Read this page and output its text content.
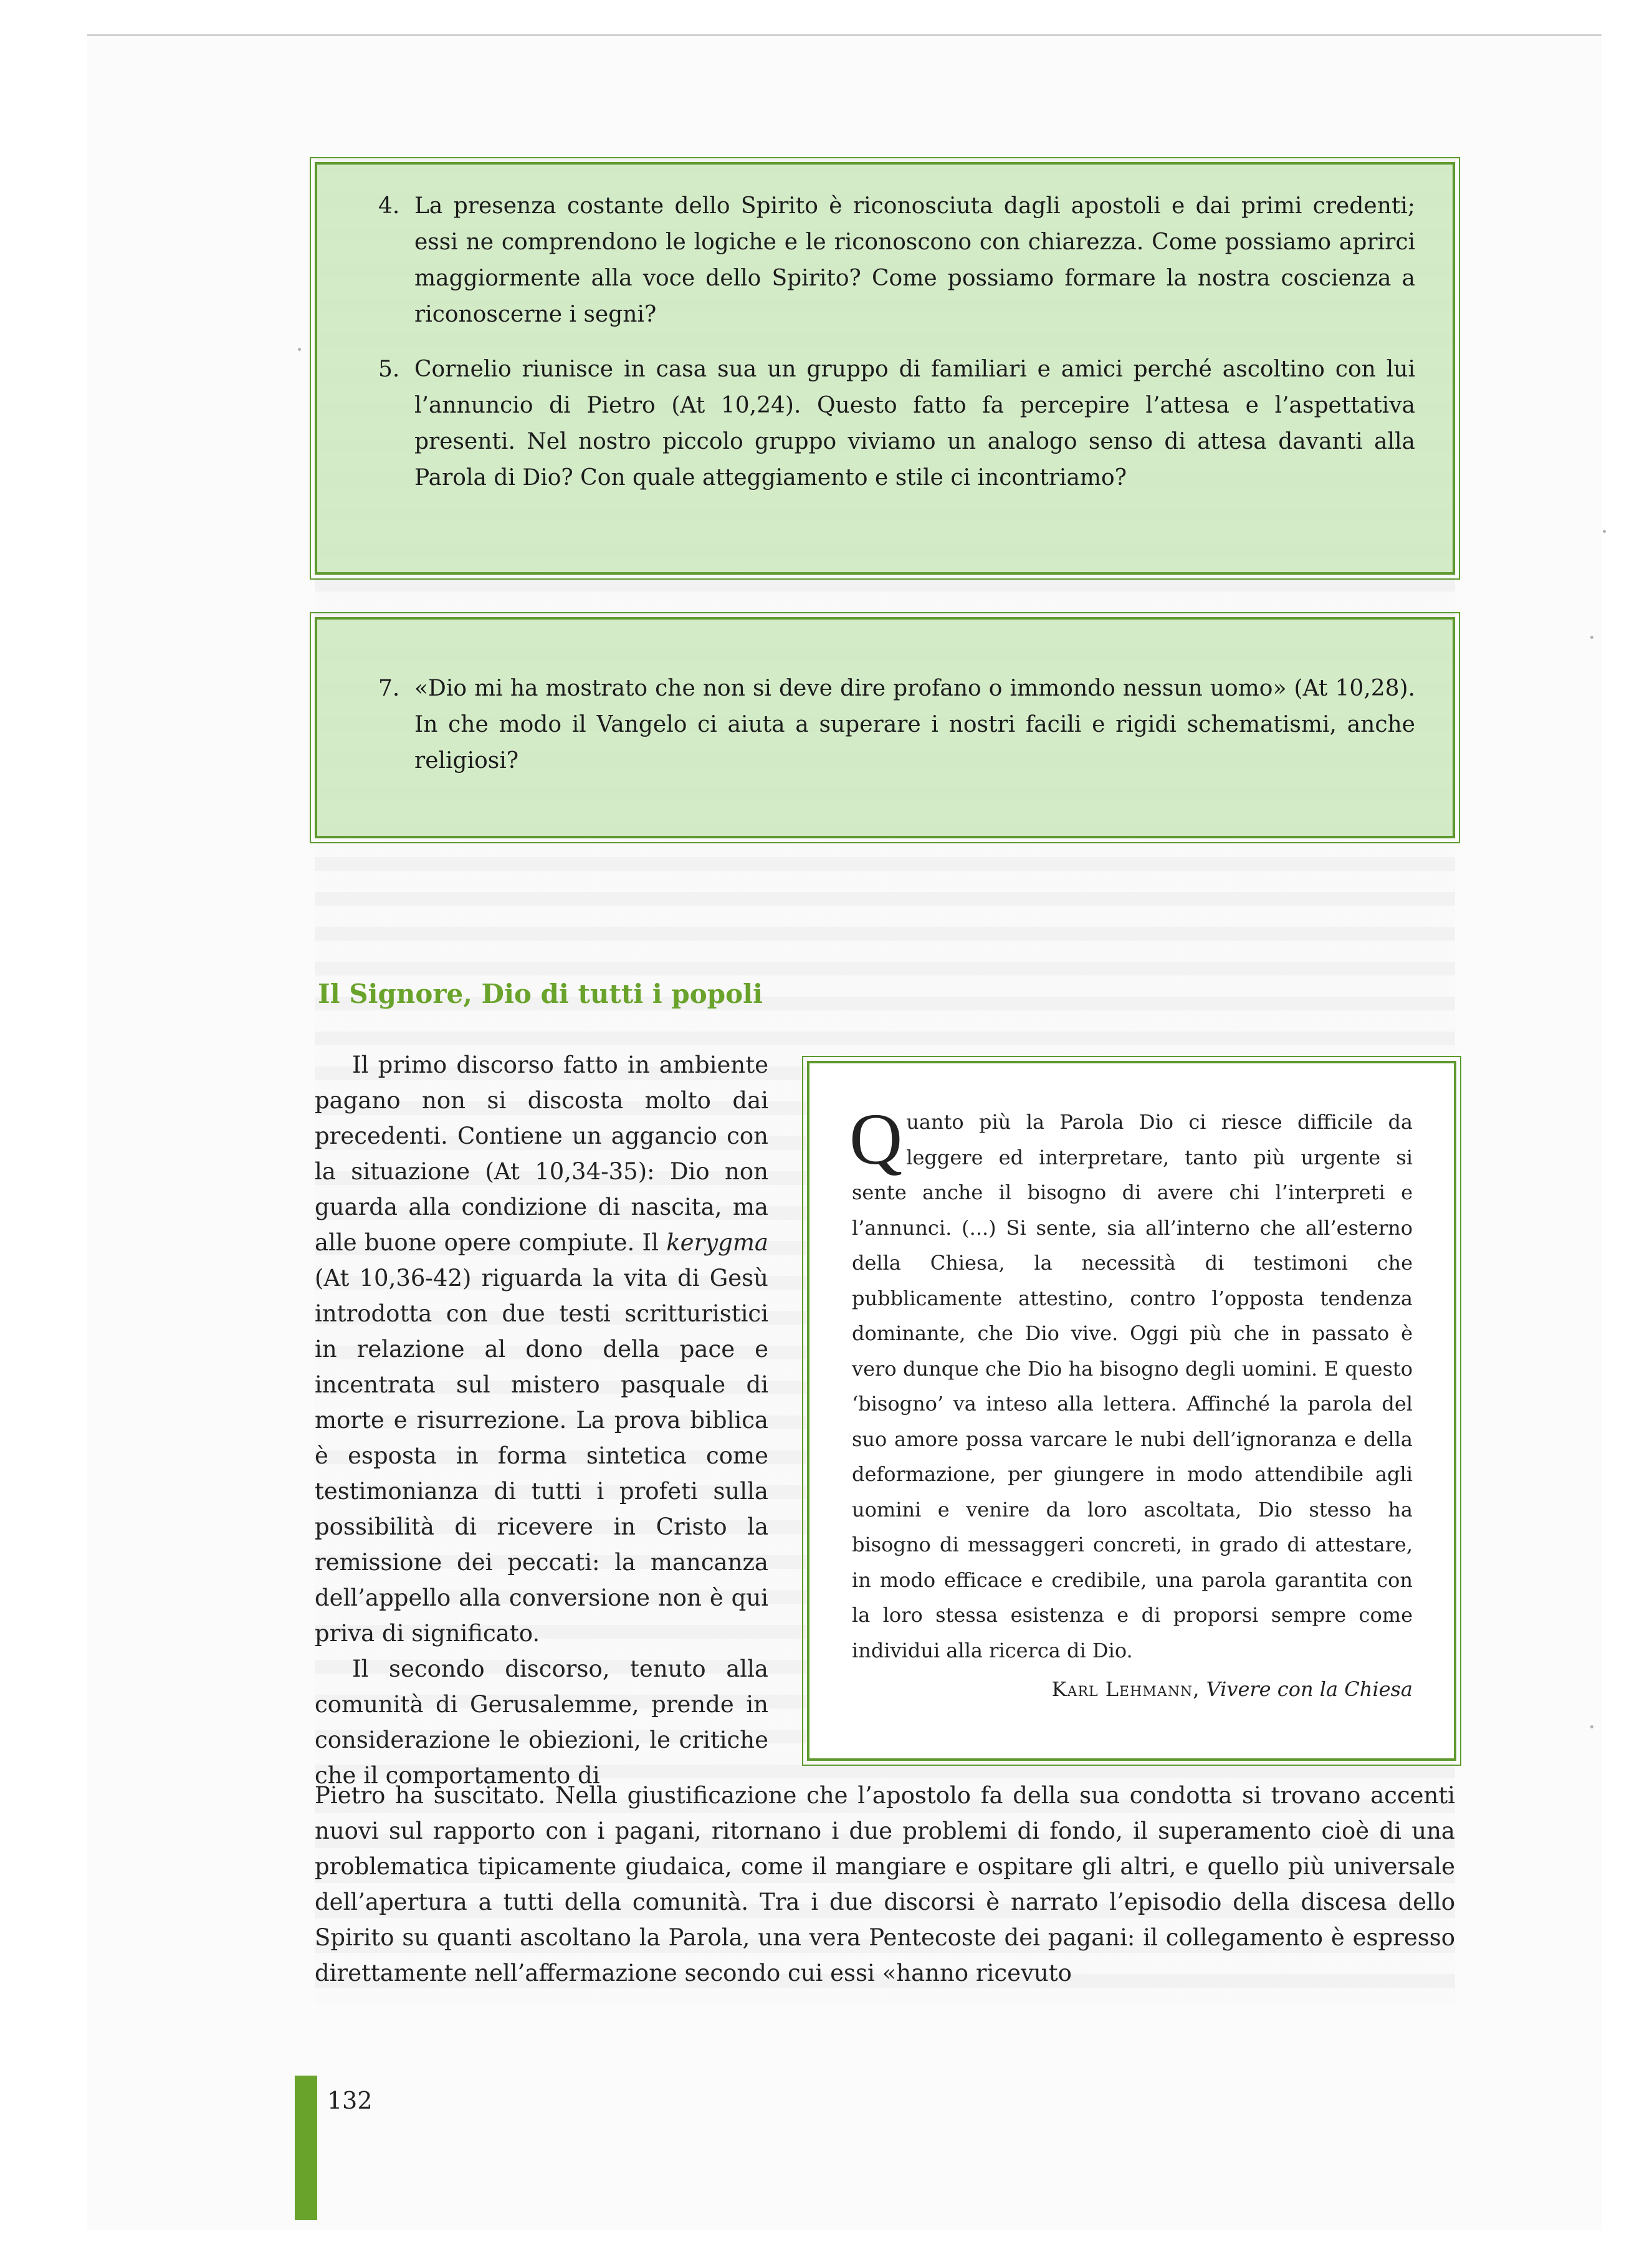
4. La presenza costante dello Spirito è riconosciuta dagli apostoli e dai primi credenti; essi ne comprendono le logiche e le riconoscono con chiarezza. Come possiamo aprirci maggiormente alla voce dello Spirito? Come possiamo formare la nostra coscienza a riconoscerne i segni?
5. Cornelio riunisce in casa sua un gruppo di familiari e amici perché ascoltino con lui l’annuncio di Pietro (At 10,24). Questo fatto fa percepire l’attesa e l’aspettativa presenti. Nel nostro piccolo gruppo viviamo un analogo senso di attesa davanti alla Parola di Dio? Con quale atteggiamento e stile ci incontriamo?
7. «Dio mi ha mostrato che non si deve dire profano o immondo nessun uomo» (At 10,28). In che modo il Vangelo ci aiuta a superare i nostri facili e rigidi schematismi, anche religiosi?
Il Signore, Dio di tutti i popoli

Il primo discorso fatto in ambiente pagano non si discosta molto dai precedenti. Contiene un aggancio con la situazione (At 10,34-35): Dio non guarda alla condizione di nascita, ma alle buone opere compiute. Il kerygma (At 10,36-42) riguarda la vita di Gesù introdotta con due testi scritturistici in relazione al dono della pace e incentrata sul mistero pasquale di morte e risurrezione. La prova biblica è esposta in forma sintetica come testimonianza di tutti i profeti sulla possibilità di ricevere in Cristo la remissione dei peccati: la mancanza dell’appello alla conversione non è qui priva di significato.

Il secondo discorso, tenuto alla comunità di Gerusalemme, prende in considerazione le obiezioni, le critiche che il comportamento di

Quanto più la Parola Dio ci riesce difficile da leggere ed interpretare, tanto più urgente si sente anche il bisogno di avere chi l’interpreti e l’annunci. (...) Si sente, sia all’interno che all’esterno della Chiesa, la necessità di testimoni che pubblicamente attestino, contro l’opposta tendenza dominante, che Dio vive. Oggi più che in passato è vero dunque che Dio ha bisogno degli uomini. E questo ‘bisogno’ va inteso alla lettera. Affinché la parola del suo amore possa varcare le nubi dell’ignoranza e della deformazione, per giungere in modo attendibile agli uomini e venire da loro ascoltata, Dio stesso ha bisogno di messaggeri concreti, in grado di attestare, in modo efficace e credibile, una parola garantita con la loro stessa esistenza e di proporsi sempre come individui alla ricerca di Dio.

Karl Lehmann, Vivere con la Chiesa

Pietro ha suscitato. Nella giustificazione che l’apostolo fa della sua condotta si trovano accenti nuovi sul rapporto con i pagani, ritornano i due problemi di fondo, il superamento cioè di una problematica tipicamente giudaica, come il mangiare e ospitare gli altri, e quello più universale dell’apertura a tutti della comunità. Tra i due discorsi è narrato l’episodio della discesa dello Spirito su quanti ascoltano la Parola, una vera Pentecoste dei pagani: il collegamento è espresso direttamente nell’affermazione secondo cui essi «hanno ricevuto

132
